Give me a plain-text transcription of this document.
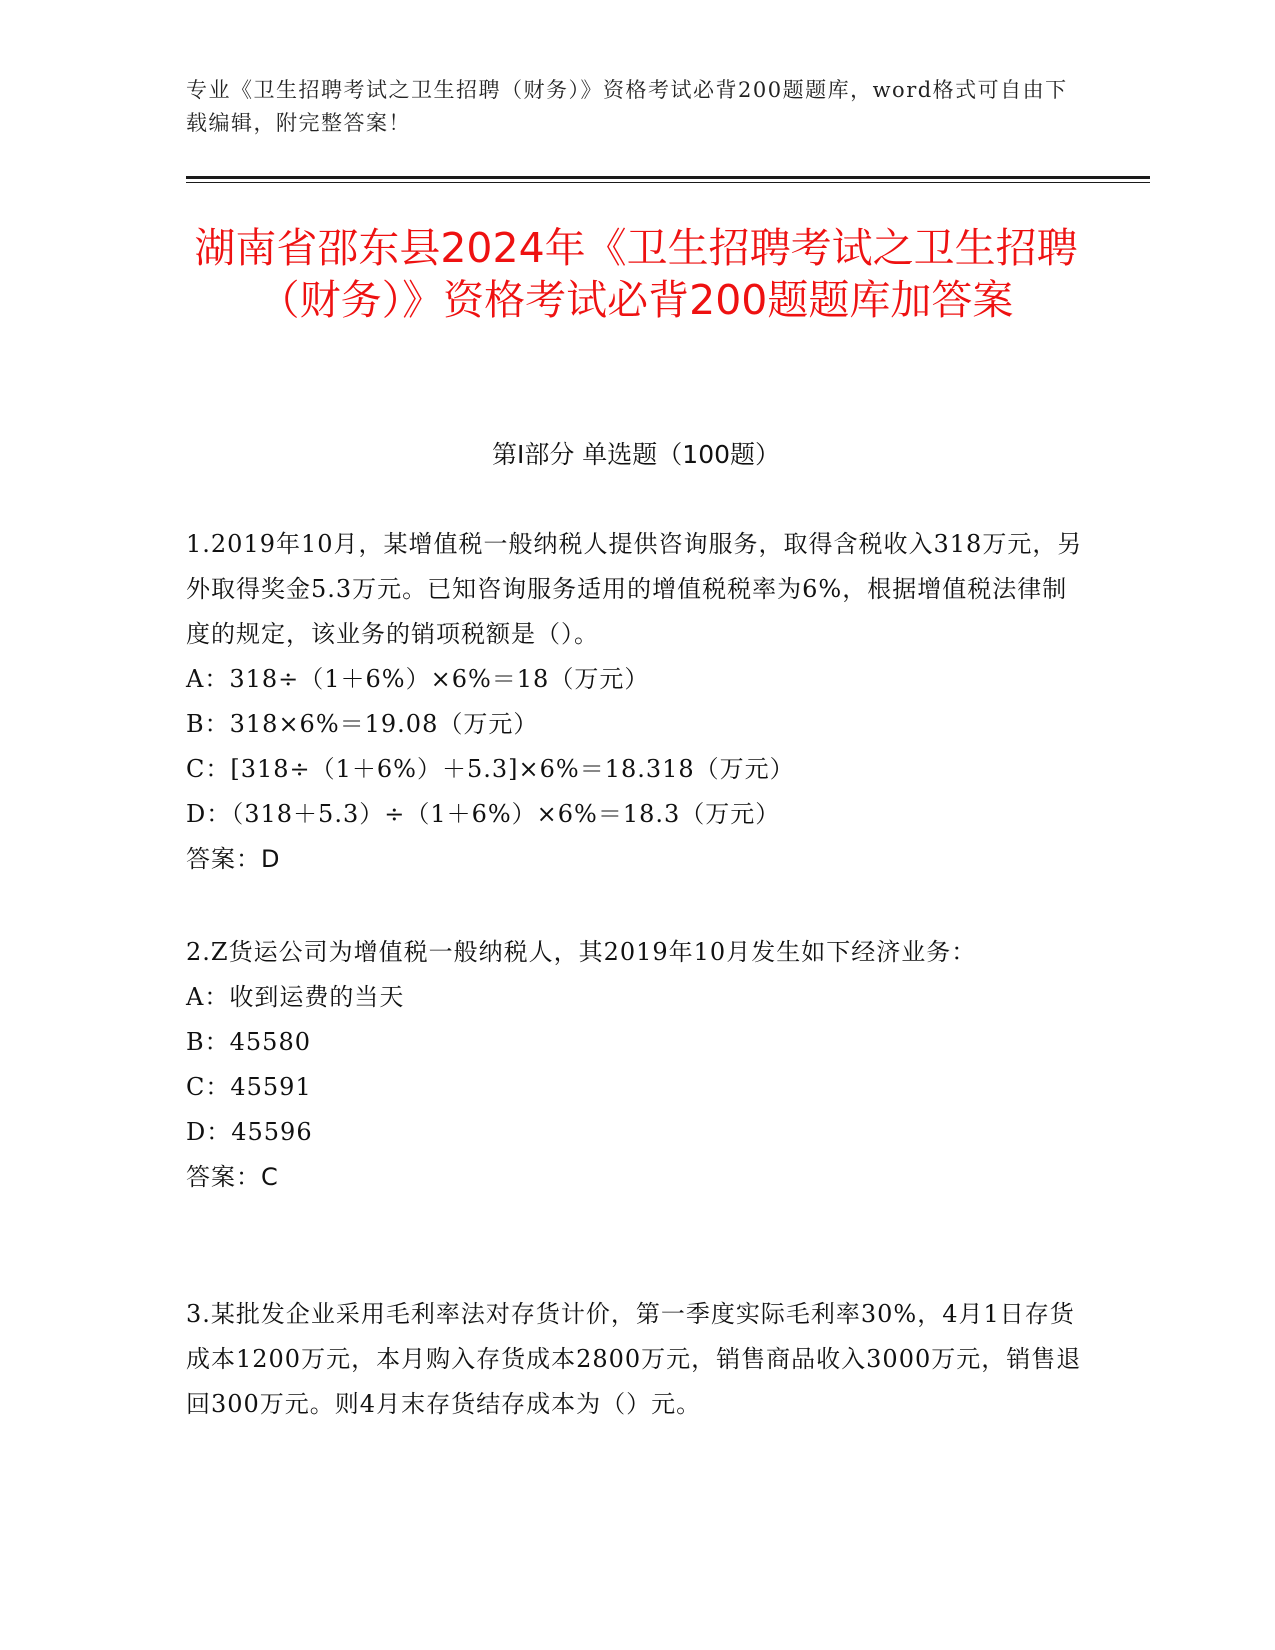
专业《卫生招聘考试之卫生招聘（财务）》资格考试必背200题题库，word格式可自由下载编辑，附完整答案！
湖南省邵东县2024年《卫生招聘考试之卫生招聘（财务）》资格考试必背200题题库加答案
第Ⅰ部分 单选题（100题）
1.2019年10月，某增值税一般纳税人提供咨询服务，取得含税收入318万元，另外取得奖金5.3万元。已知咨询服务适用的增值税税率为6%，根据增值税法律制度的规定，该业务的销项税额是（）。
A：318÷（1＋6%）×6%＝18（万元）
B：318×6%＝19.08（万元）
C：[318÷（1＋6%）＋5.3]×6%＝18.318（万元）
D：（318＋5.3）÷（1＋6%）×6%＝18.3（万元）
答案：D
2.Z货运公司为增值税一般纳税人，其2019年10月发生如下经济业务：
A：收到运费的当天
B：45580
C：45591
D：45596
答案：C
3.某批发企业采用毛利率法对存货计价，第一季度实际毛利率30%，4月1日存货成本1200万元，本月购入存货成本2800万元，销售商品收入3000万元，销售退回300万元。则4月末存货结存成本为（）元。
